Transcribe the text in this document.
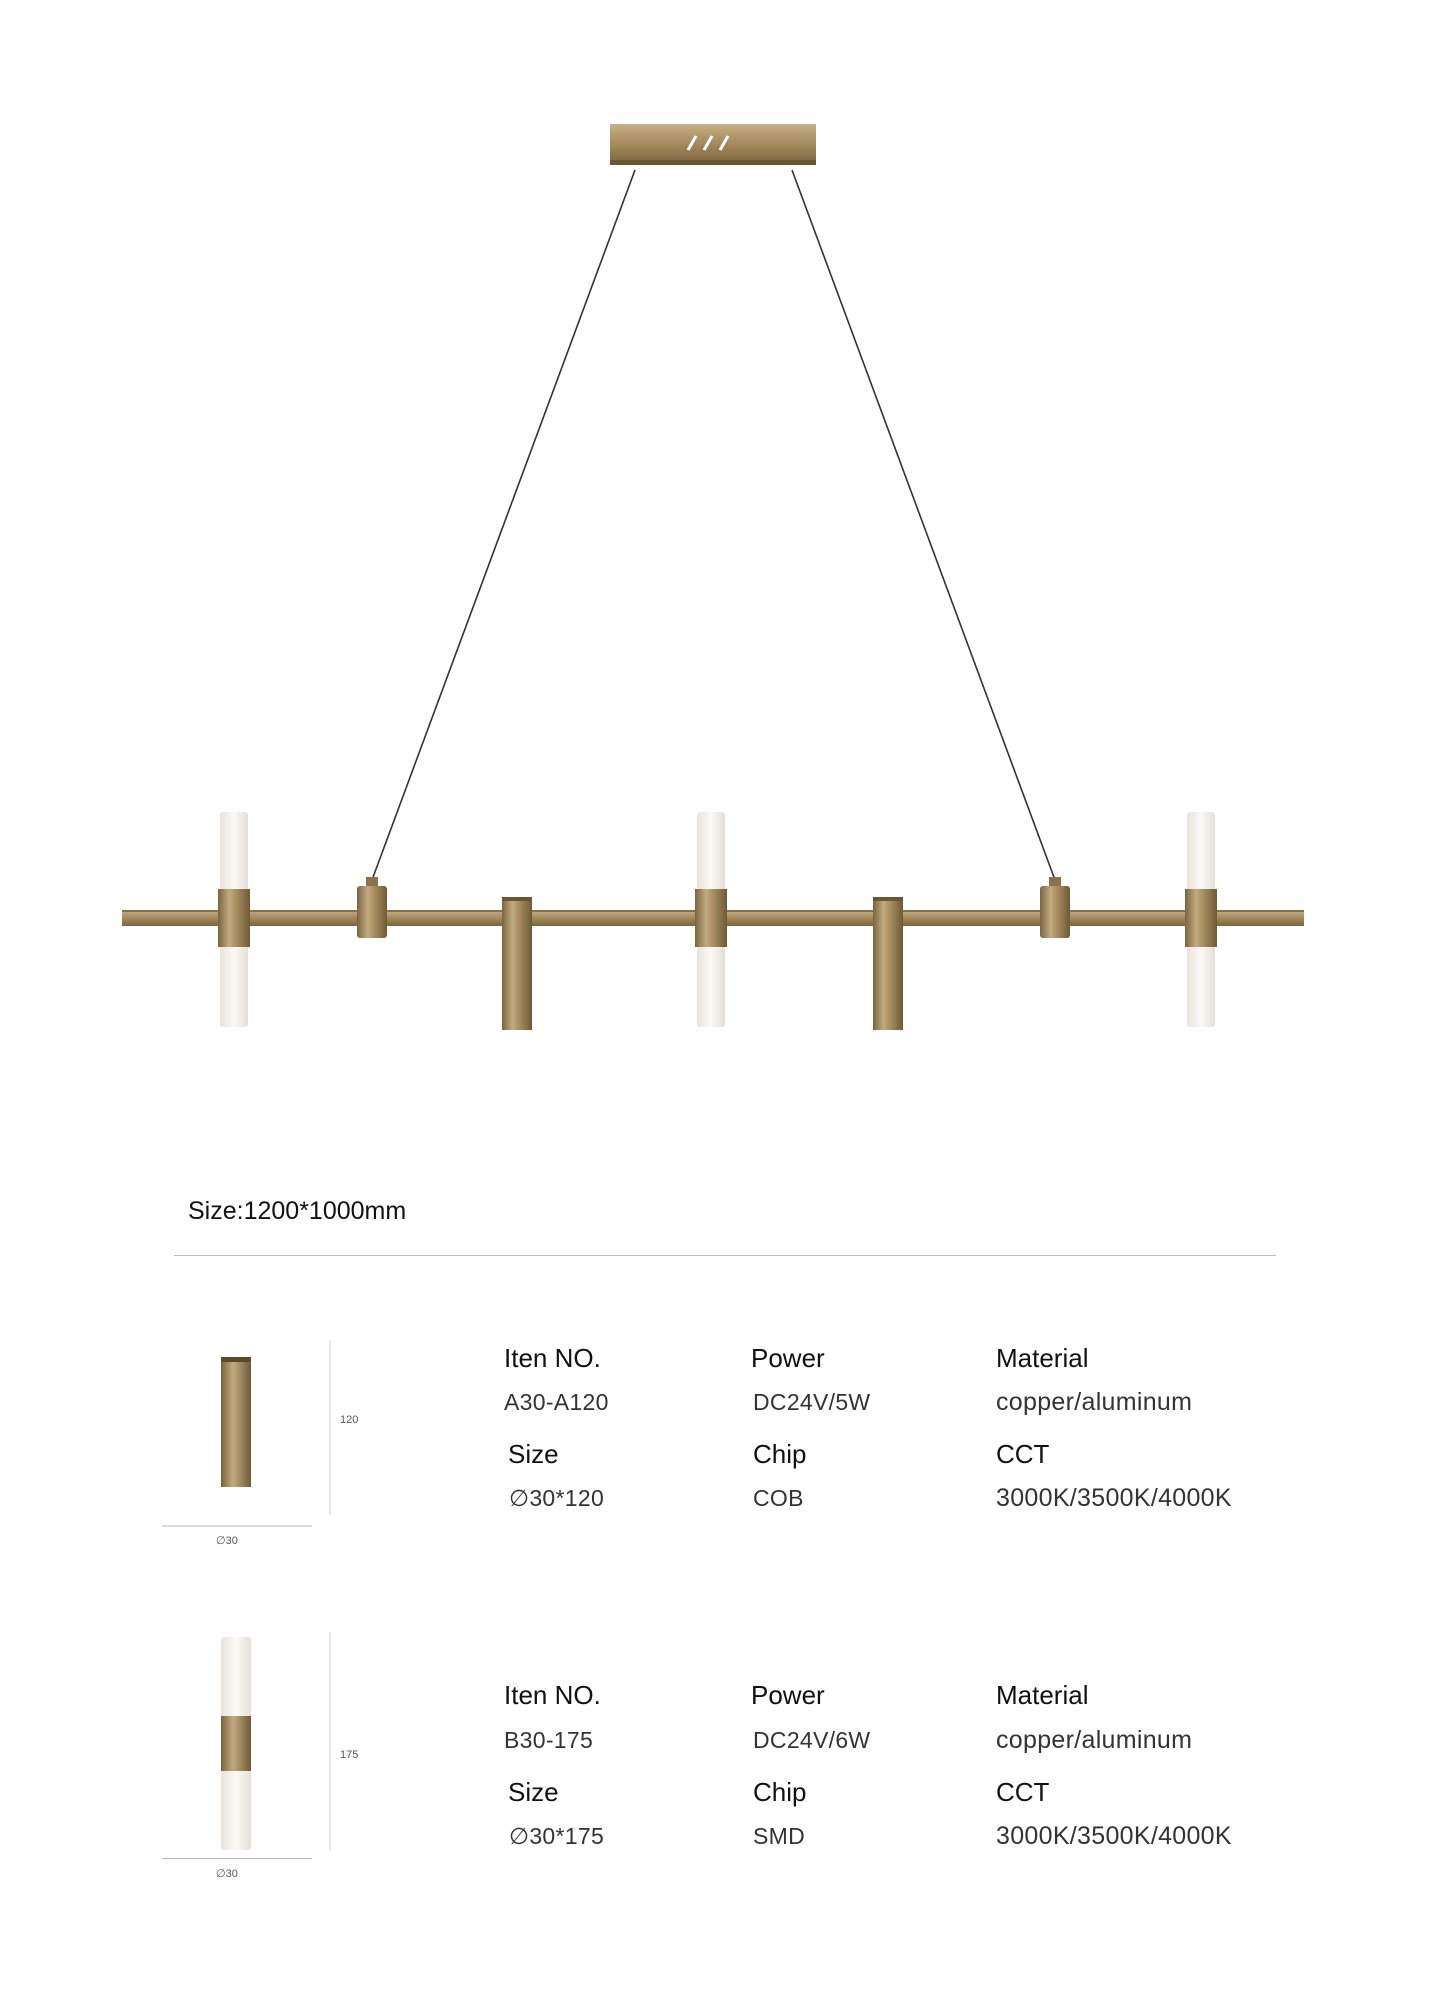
Size:1200*1000mm
120
∅30
Iten NO.	Power	Material
A30-A120	DC24V/5W	copper/aluminum
Size	Chip	CCT
∅30*120	COB	3000K/3500K/4000K
175
∅30
Iten NO.	Power	Material
B30-175	DC24V/6W	copper/aluminum
Size	Chip	CCT
∅30*175	SMD	3000K/3500K/4000K
